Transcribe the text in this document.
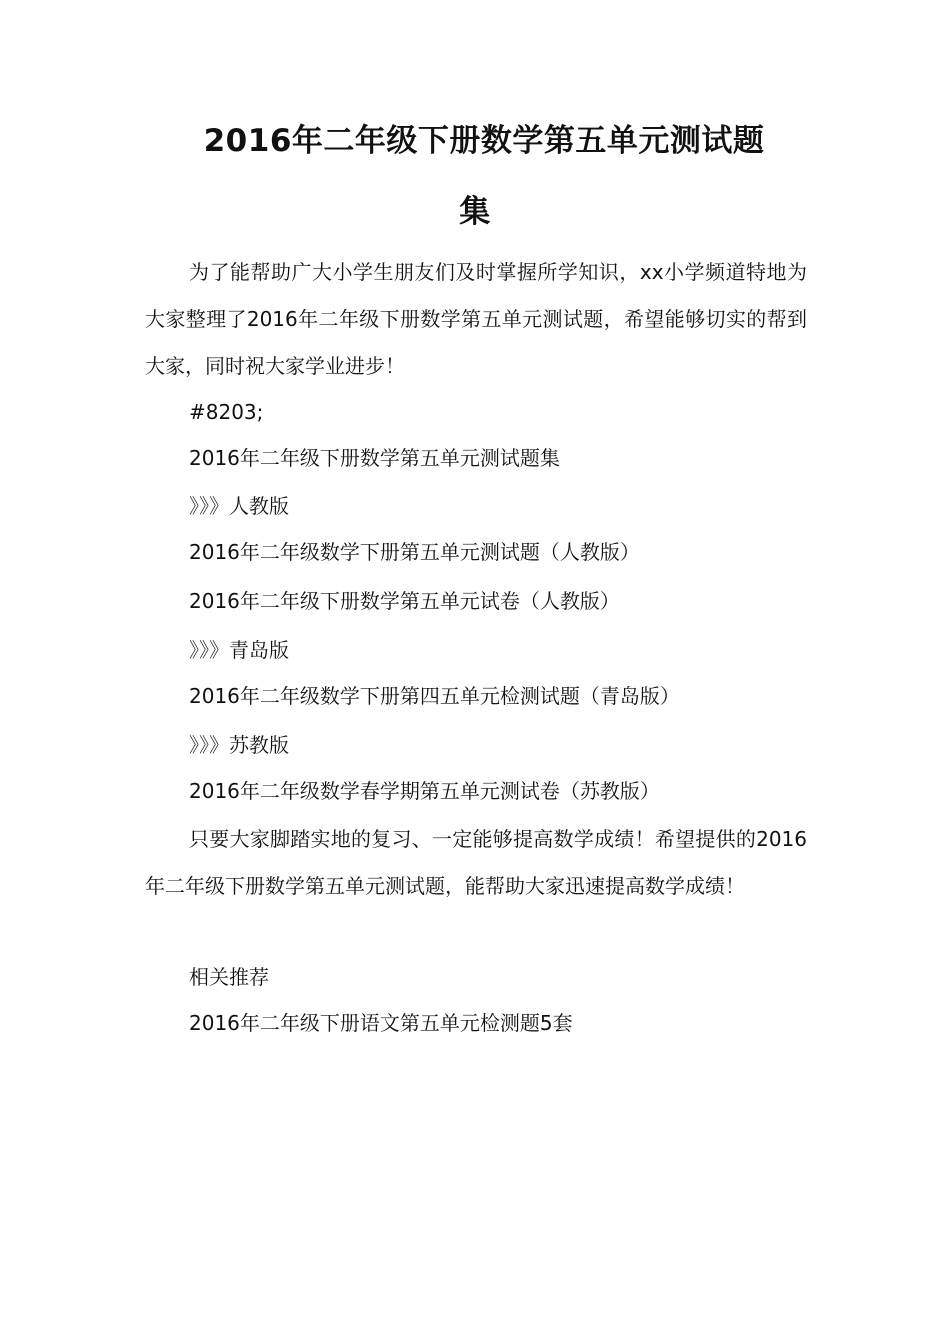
2016年二年级下册数学第五单元测试题
集
为了能帮助广大小学生朋友们及时掌握所学知识，xx小学频道特地为大家整理了2016年二年级下册数学第五单元测试题，希望能够切实的帮到大家，同时祝大家学业进步！
#8203;
2016年二年级下册数学第五单元测试题集
》》》人教版
2016年二年级数学下册第五单元测试题（人教版）
2016年二年级下册数学第五单元试卷（人教版）
》》》青岛版
2016年二年级数学下册第四五单元检测试题（青岛版）
》》》苏教版
2016年二年级数学春学期第五单元测试卷（苏教版）
只要大家脚踏实地的复习、一定能够提高数学成绩！希望提供的2016年二年级下册数学第五单元测试题，能帮助大家迅速提高数学成绩！
相关推荐
2016年二年级下册语文第五单元检测题5套
